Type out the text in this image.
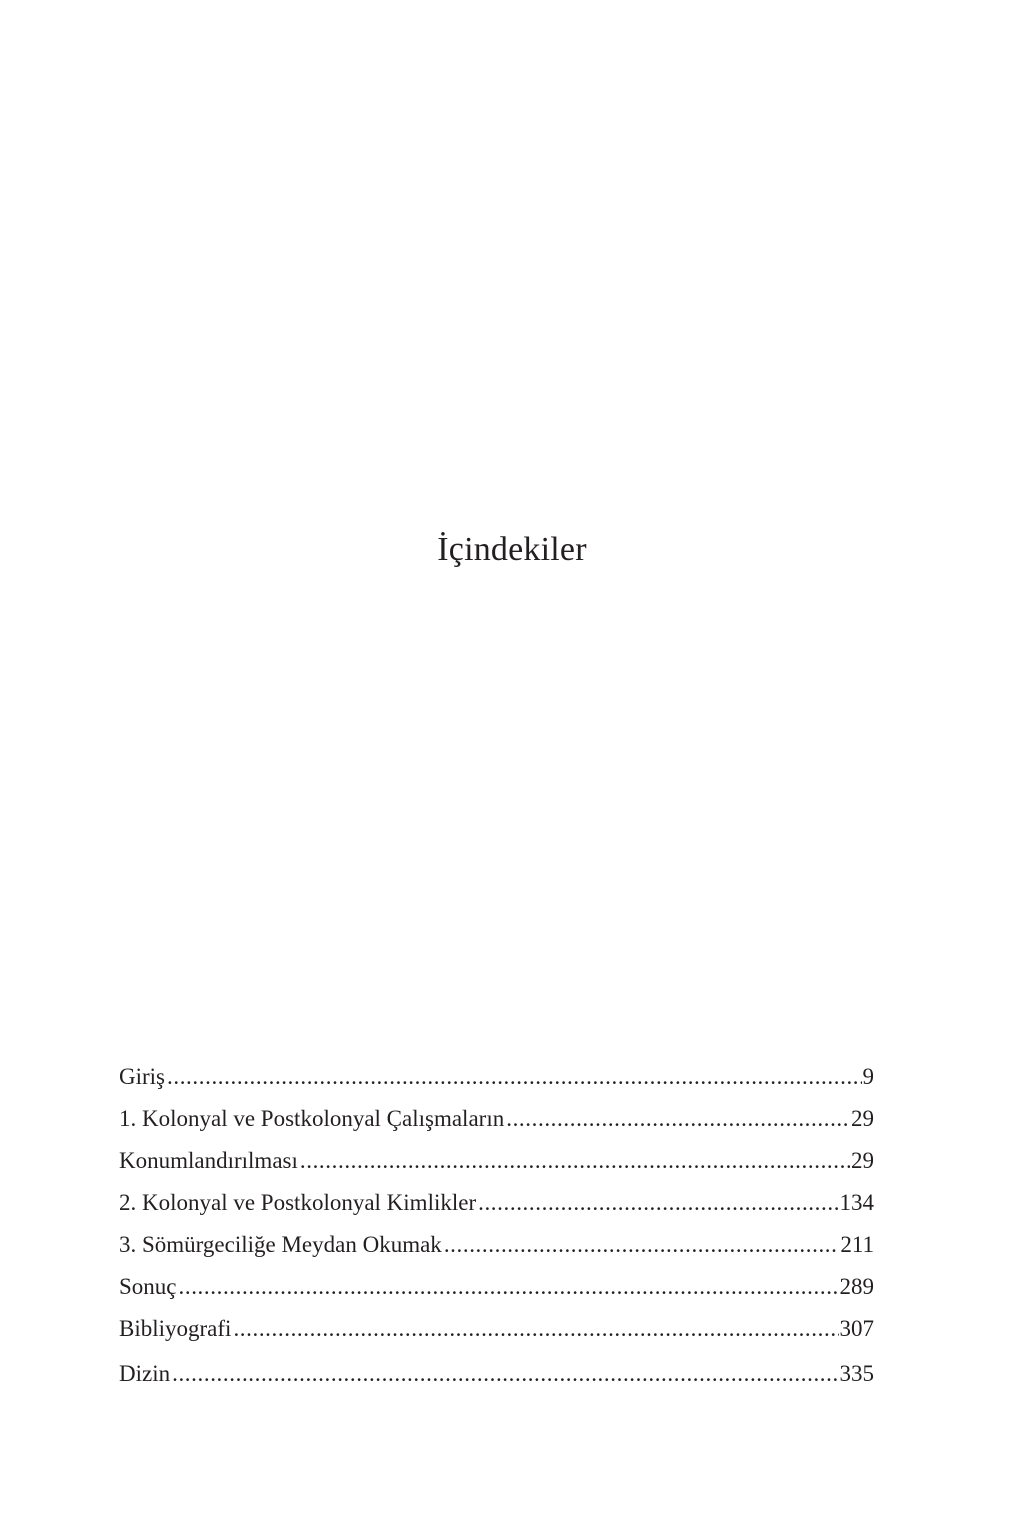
İçindekiler
Giriş .....	9
1. Kolonyal ve Postkolonyal Çalışmaların .....	29
Konumlandırılması .....	29
2. Kolonyal ve Postkolonyal Kimlikler .....	134
3. Sömürgeciliğe Meydan Okumak .....	211
Sonuç .....	289
Bibliyografi .....	307
Dizin .....	335
